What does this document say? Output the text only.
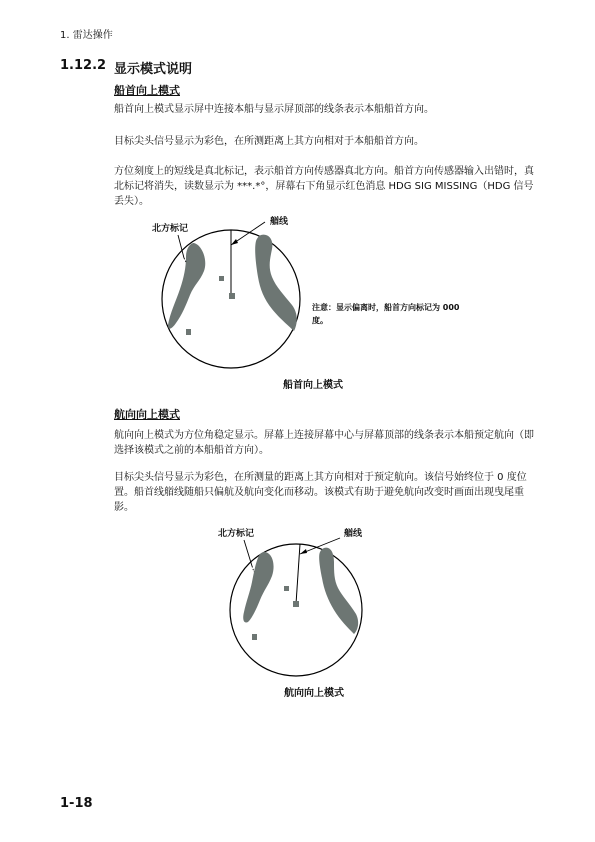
1. 雷达操作
1.12.2 显示模式说明
船首向上模式
船首向上模式显示屏中连接本船与显示屏顶部的线条表示本船船首方向。
目标尖头信号显示为彩色，在所测距离上其方向相对于本船船首方向。
方位刻度上的短线是真北标记，表示船首方向传感器真北方向。船首方向传感器输入出错时，真北标记将消失，读数显示为 ***.*°，屏幕右下角显示红色消息 HDG SIG MISSING（HDG 信号丢失）。
北方标记
艏线
注意：显示偏离时，船首方向标记为 000 度。
船首向上模式
航向向上模式
航向向上模式为方位角稳定显示。屏幕上连接屏幕中心与屏幕顶部的线条表示本船预定航向（即选择该模式之前的本船船首方向）。
目标尖头信号显示为彩色，在所测量的距离上其方向相对于预定航向。该信号始终位于 0 度位置。船首线艏线随船只偏航及航向变化而移动。该模式有助于避免航向改变时画面出现曳尾重影。
北方标记	艏线
航向向上模式
1-18
